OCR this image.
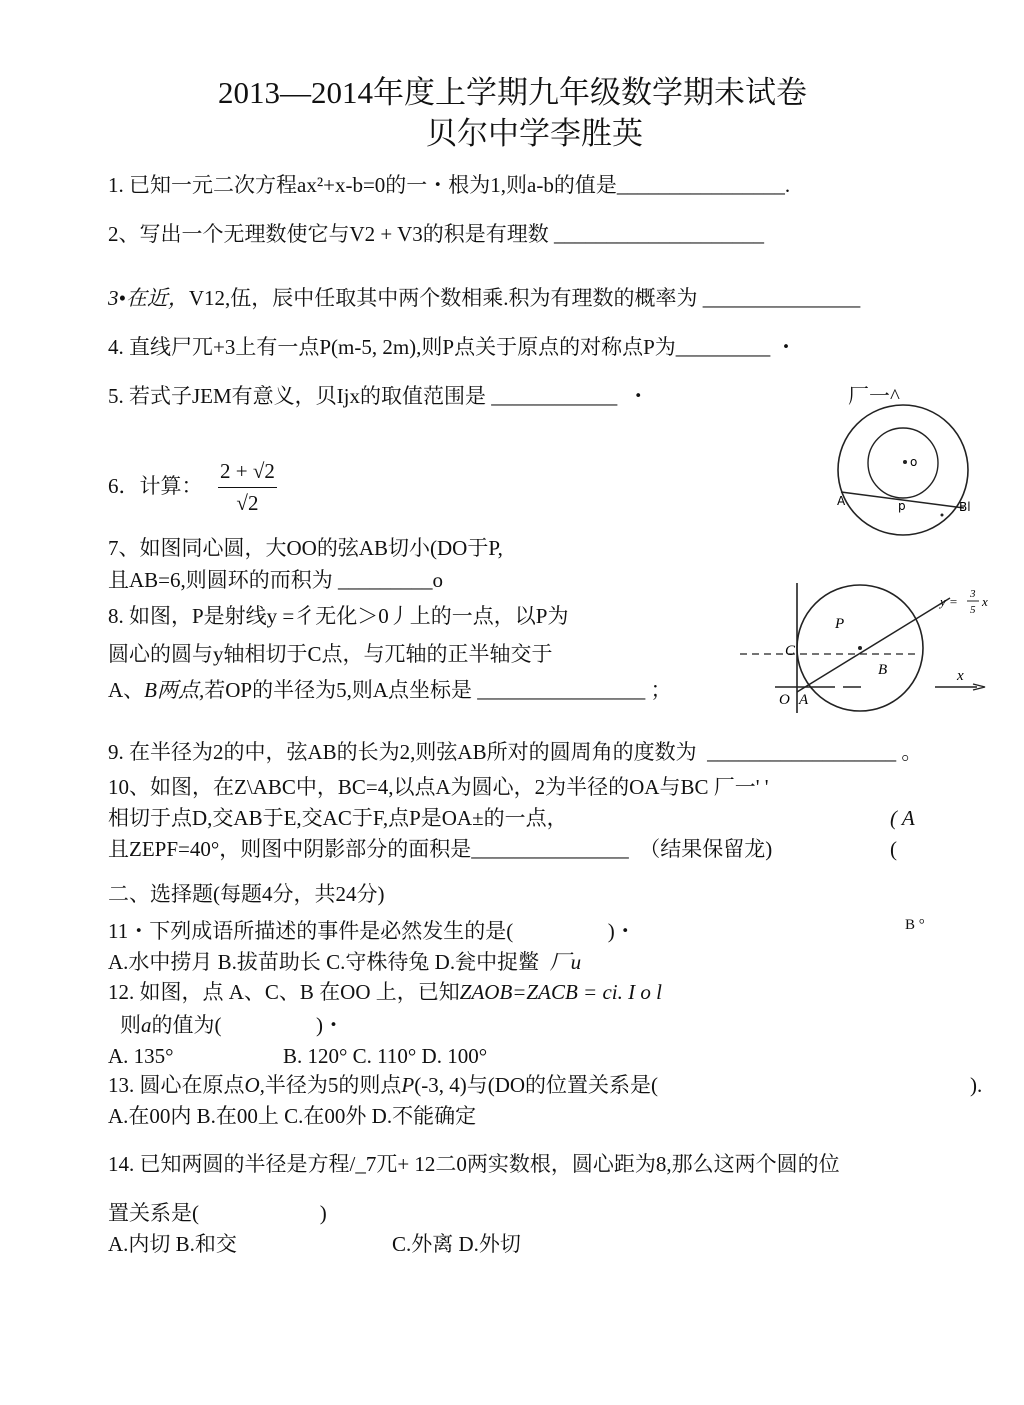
2013—2014年度上学期九年级数学期未试卷
贝尔中学李胜英
1. 已知一元二次方程ax²+x-b=0的一・根为1,则a-b的值是________________.
2、写出一个无理数使它与V2 + V3的积是有理数 ____________________
3•在近，V12,伍，辰中任取其中两个数相乘.积为有理数的概率为 _______________
4. 直线尸兀+3上有一点P(m-5, 2m),则P点关于原点的对称点P为_________ ・
5. 若式子JEM有意义，贝Ijx的取值范围是 ____________ ・	厂一^
6．计算： $\frac{2 + √2}{√2}$	o
A	p	Bl
7、如图同心圆，大OO的弦AB切小(DO于P,
且AB=6,则圆环的而积为 _________o
C
P
B
O A
x
y = 3
5
x
8. 如图，P是射线y =彳无化＞0丿上的一点，以P为
圆心的圆与y轴相切于C点，与兀轴的正半轴交于
A、B两点,若OP的半径为5,则A点坐标是 ________________ ；
9. 在半径为2的中，弦AB的长为2,则弦AB所对的圆周角的度数为 __________________ 。
10、如图，在Z\ABC中，BC=4,以点A为圆心，2为半径的OA与BC 厂一' '
相切于点D,交AB于E,交AC于F,点P是OA±的一点，	( A
且ZEPF=40°，则图中阴影部分的面积是_______________ （结果保留龙)	(
二、选择题(每题4分，共24分)
11・下列成语所描述的事件是必然发生的是(	)・	B °
A.水中捞月 B.拔苗助长 C.守株待兔 D.瓮中捉鳖 厂u
12. 如图，点 A、C、B 在OO 上，已知ZAOB=ZACB = ci. I o l
则a的值为(	)・
A. 135°	B. 120° C. 110° D. 100°
13. 圆心在原点O,半径为5的则点P(-3, 4)与(DO的位置关系是(	).
A.在00内 B.在00上 C.在00外 D.不能确定
14. 已知两圆的半径是方程/_7兀+ 12二0两实数根，圆心距为8,那么这两个圆的位
置关系是(	)
A.内切 B.和交	C.外离 D.外切
